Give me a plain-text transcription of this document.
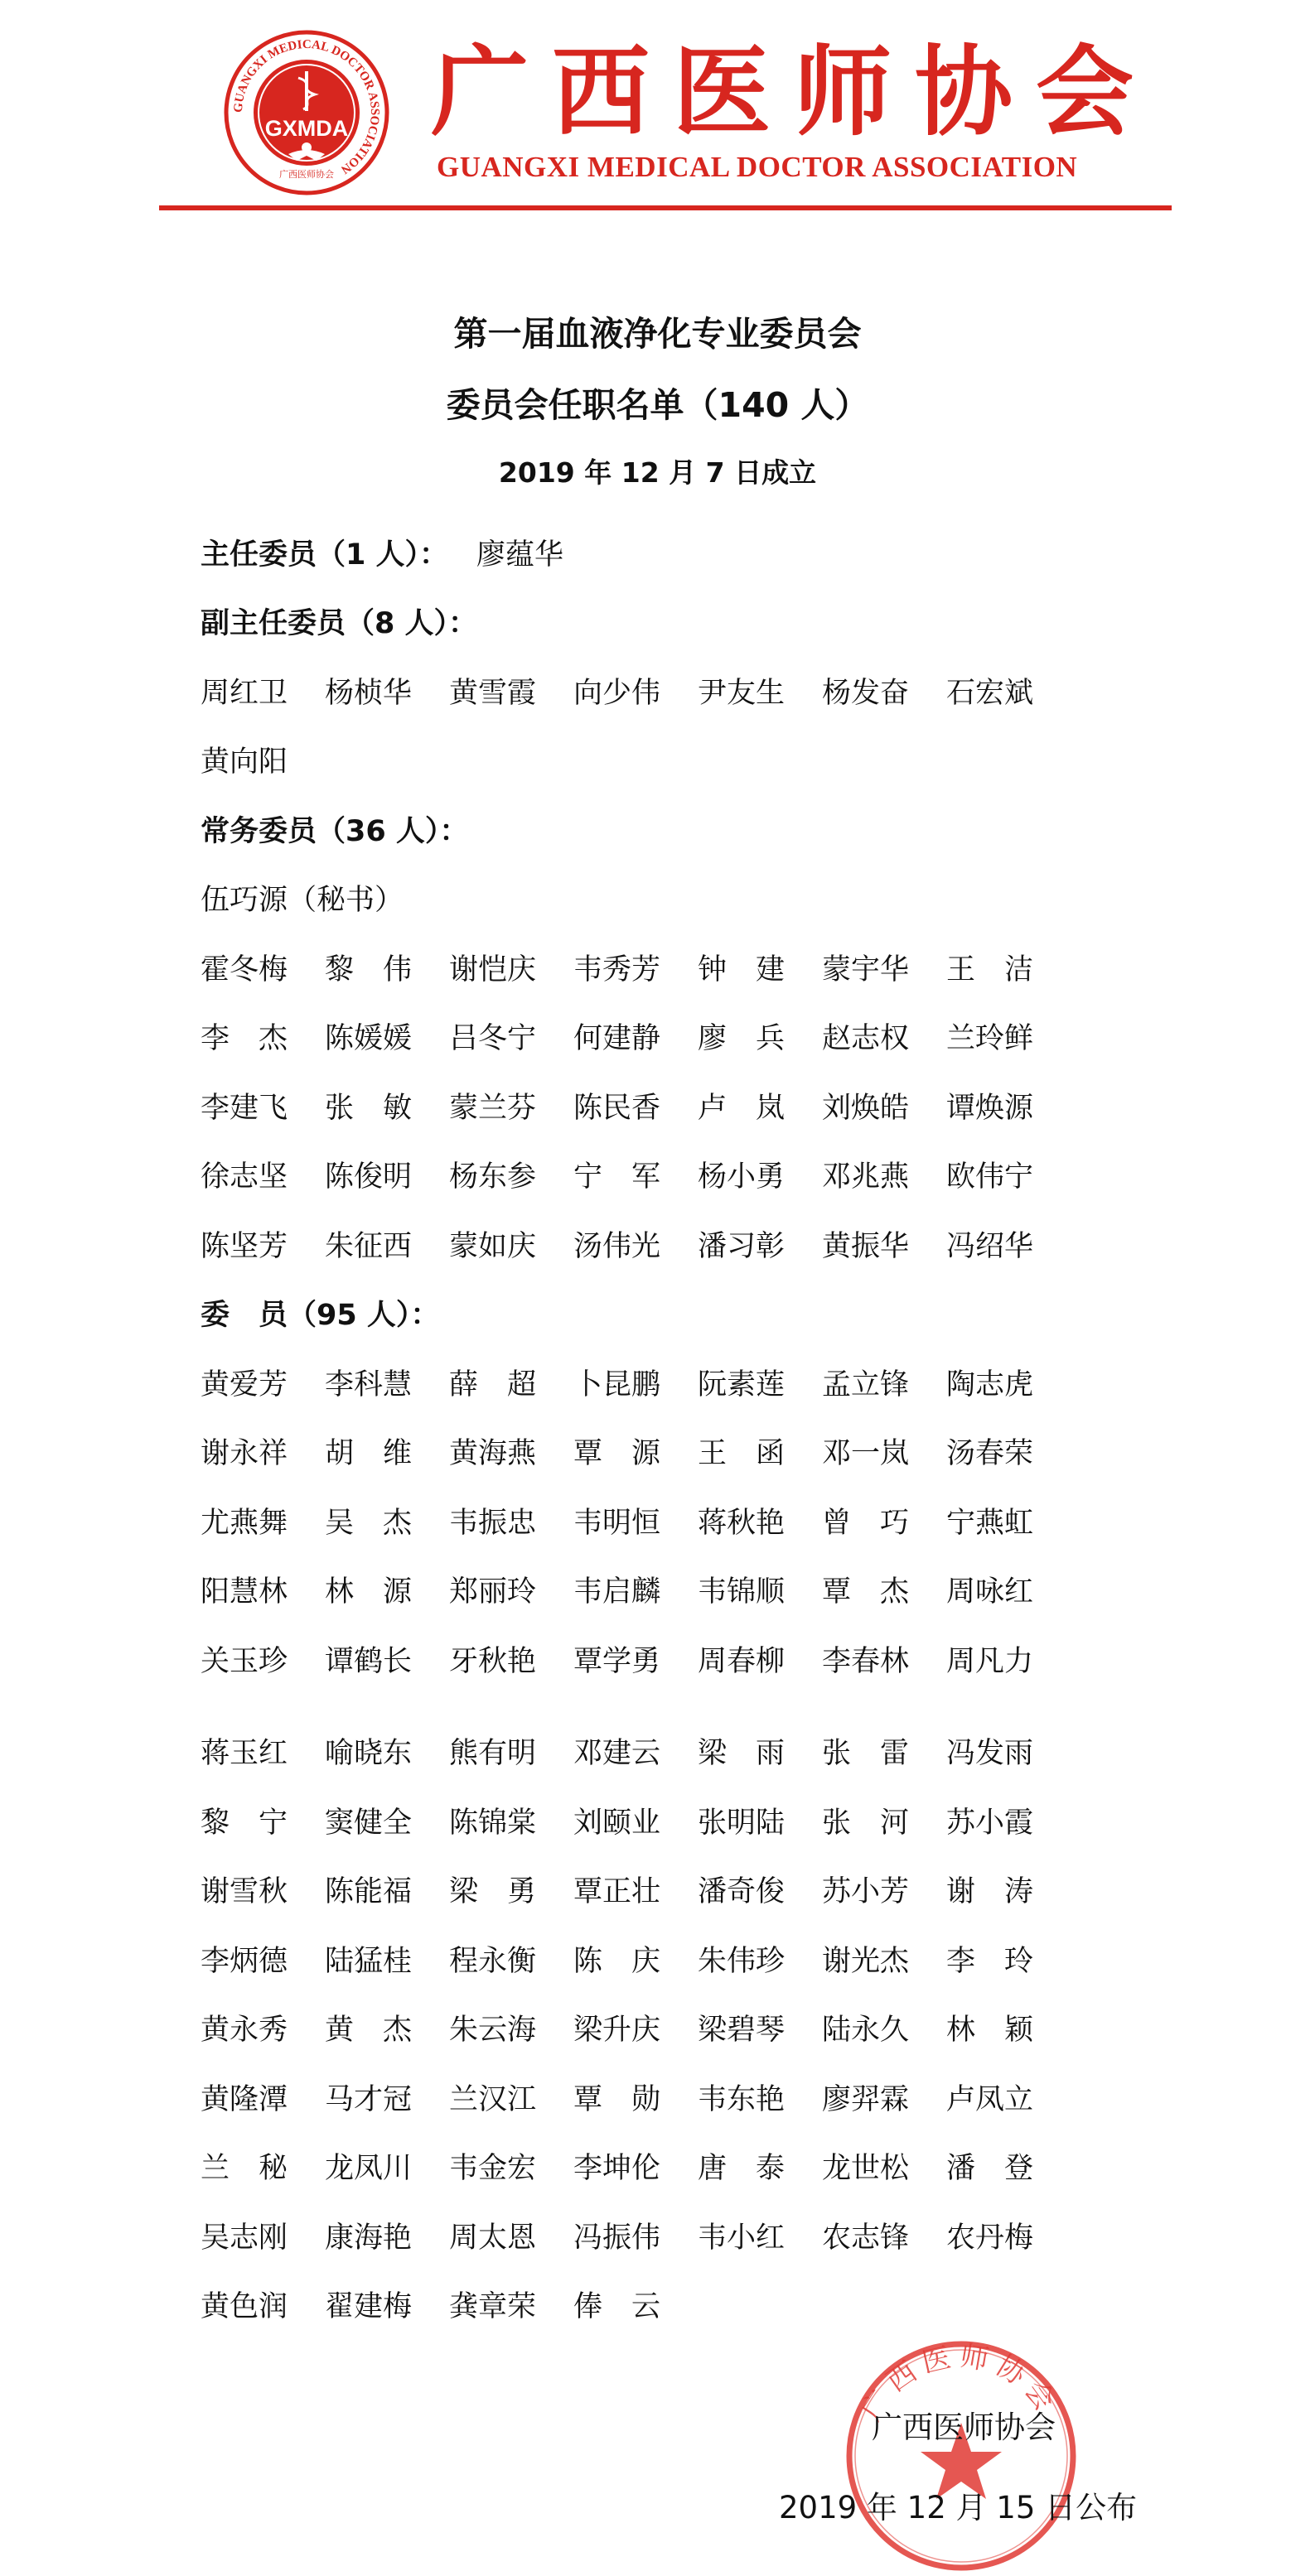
GUANGXI MEDICAL DOCTOR ASSOCIATION
GXMDA
广西医师协会
广西医师协会
GUANGXI MEDICAL DOCTOR ASSOCIATION
第一届血液净化专业委员会
委员会任职名单（140 人）
2019 年 12 月 7 日成立
主任委员（1 人）： 廖蕴华
副主任委员（8 人）：
周红卫	杨桢华	黄雪霞	向少伟	尹友生	杨发奋	石宏斌
黄向阳
常务委员（36 人）：
伍巧源（秘书）
霍冬梅	黎　伟	谢恺庆	韦秀芳	钟　建	蒙宇华	王　洁
李　杰	陈媛媛	吕冬宁	何建静	廖　兵	赵志权	兰玲鲜
李建飞	张　敏	蒙兰芬	陈民香	卢　岚	刘焕皓	谭焕源
徐志坚	陈俊明	杨东参	宁　军	杨小勇	邓兆燕	欧伟宁
陈坚芳	朱征西	蒙如庆	汤伟光	潘习彰	黄振华	冯绍华
委　员（95 人）：
黄爱芳	李科慧	薛　超	卜昆鹏	阮素莲	孟立锋	陶志虎
谢永祥	胡　维	黄海燕	覃　源	王　函	邓一岚	汤春荣
尤燕舞	吴　杰	韦振忠	韦明恒	蒋秋艳	曾　巧	宁燕虹
阳慧林	林　源	郑丽玲	韦启麟	韦锦顺	覃　杰	周咏红
关玉珍	谭鹤长	牙秋艳	覃学勇	周春柳	李春林	周凡力
蒋玉红	喻晓东	熊有明	邓建云	梁　雨	张　雷	冯发雨
黎　宁	窦健全	陈锦棠	刘颐业	张明陆	张　河	苏小霞
谢雪秋	陈能福	梁　勇	覃正壮	潘奇俊	苏小芳	谢　涛
李炳德	陆猛桂	程永衡	陈　庆	朱伟珍	谢光杰	李　玲
黄永秀	黄　杰	朱云海	梁升庆	梁碧琴	陆永久	林　颖
黄隆潭	马才冠	兰汉江	覃　勋	韦东艳	廖羿霖	卢凤立
兰　秘	龙凤川	韦金宏	李坤伦	唐　泰	龙世松	潘　登
吴志刚	康海艳	周太恩	冯振伟	韦小红	农志锋	农丹梅
黄色润	翟建梅	龚章荣	俸　云
广西医师协会
广西医师协会
2019 年 12 月 15 日公布
